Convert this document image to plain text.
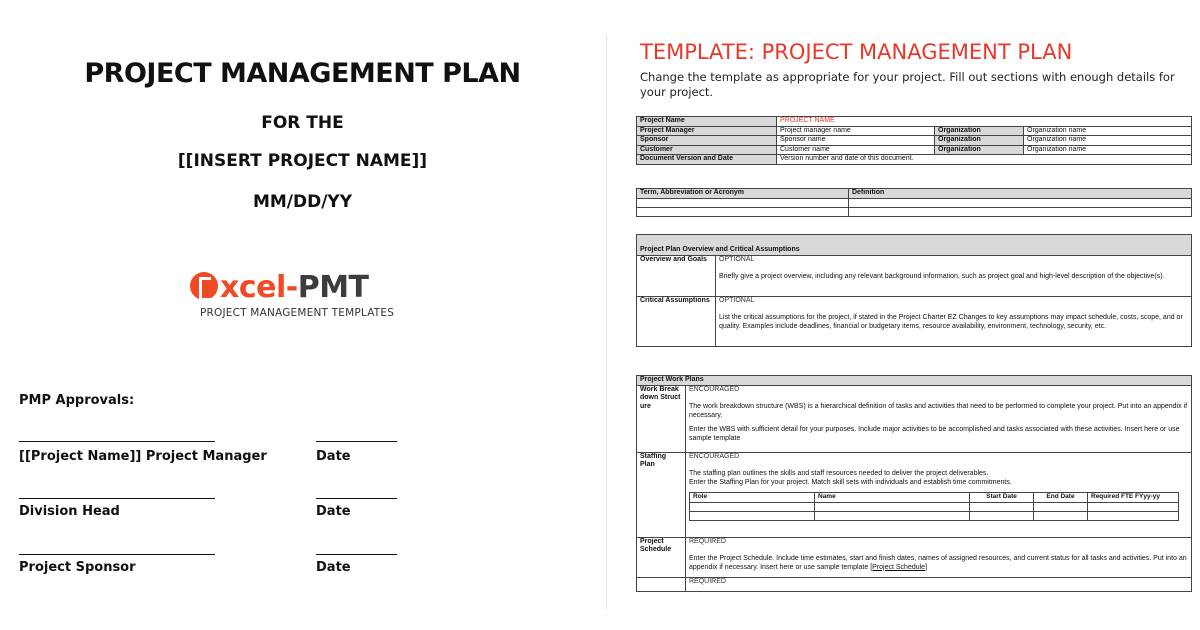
PROJECT MANAGEMENT PLAN
FOR THE
[[INSERT PROJECT NAME]]
MM/DD/YY
xcel-PMT
PROJECT MANAGEMENT TEMPLATES
PMP Approvals:
[[Project Name]] Project Manager	Date
Division Head	Date
Project Sponsor	Date
TEMPLATE: PROJECT MANAGEMENT PLAN
Change the template as appropriate for your project. Fill out sections with enough details for your project.
Project Name	PROJECT NAME		
Project Manager	Project manager name	Organization	Organization name
Sponsor	Sponsor name	Organization	Organization name
Customer	Customer name	Organization	Organization name
Document Version and Date	Version number and date of this document.		
Term, Abbreviation or Acronym	Definition

Project Plan Overview and Critical Assumptions	
Overview and Goals	OPTIONAL
Briefly give a project overview, including any relevant background information, such as project goal and high-level description of the objective(s).

Critical Assumptions	OPTIONAL
List the critical assumptions for the project, if stated in the Project Charter EZ Changes to key assumptions may impact schedule, costs, scope, and or quality. Examples include deadlines, financial or budgetary items, resource availability, environment, technology, security, etc.
Project Work Plans
Work Breakdown Structure	ENCOURAGED
The work breakdown structure (WBS) is a hierarchical definition of tasks and activities that need to be performed to complete your project. Put into an appendix if necessary.
Enter the WBS with sufficient detail for your purposes. Include major activities to be accomplished and tasks associated with these activities. Insert here or use sample template

Staffing Plan	ENCOURAGED
The staffing plan outlines the skills and staff resources needed to deliver the project deliverables.
Enter the Staffing Plan for your project. Match skill sets with individuals and establish time commitments.
Role	Name	Start Date	End Date	Required FTE FYyy-yy

Project Schedule	REQUIRED
Enter the Project Schedule. Include time estimates, start and finish dates, names of assigned resources, and current status for all tasks and activities. Put into an appendix if necessary. Insert here or use sample template [Project Schedule]

	REQUIRED
